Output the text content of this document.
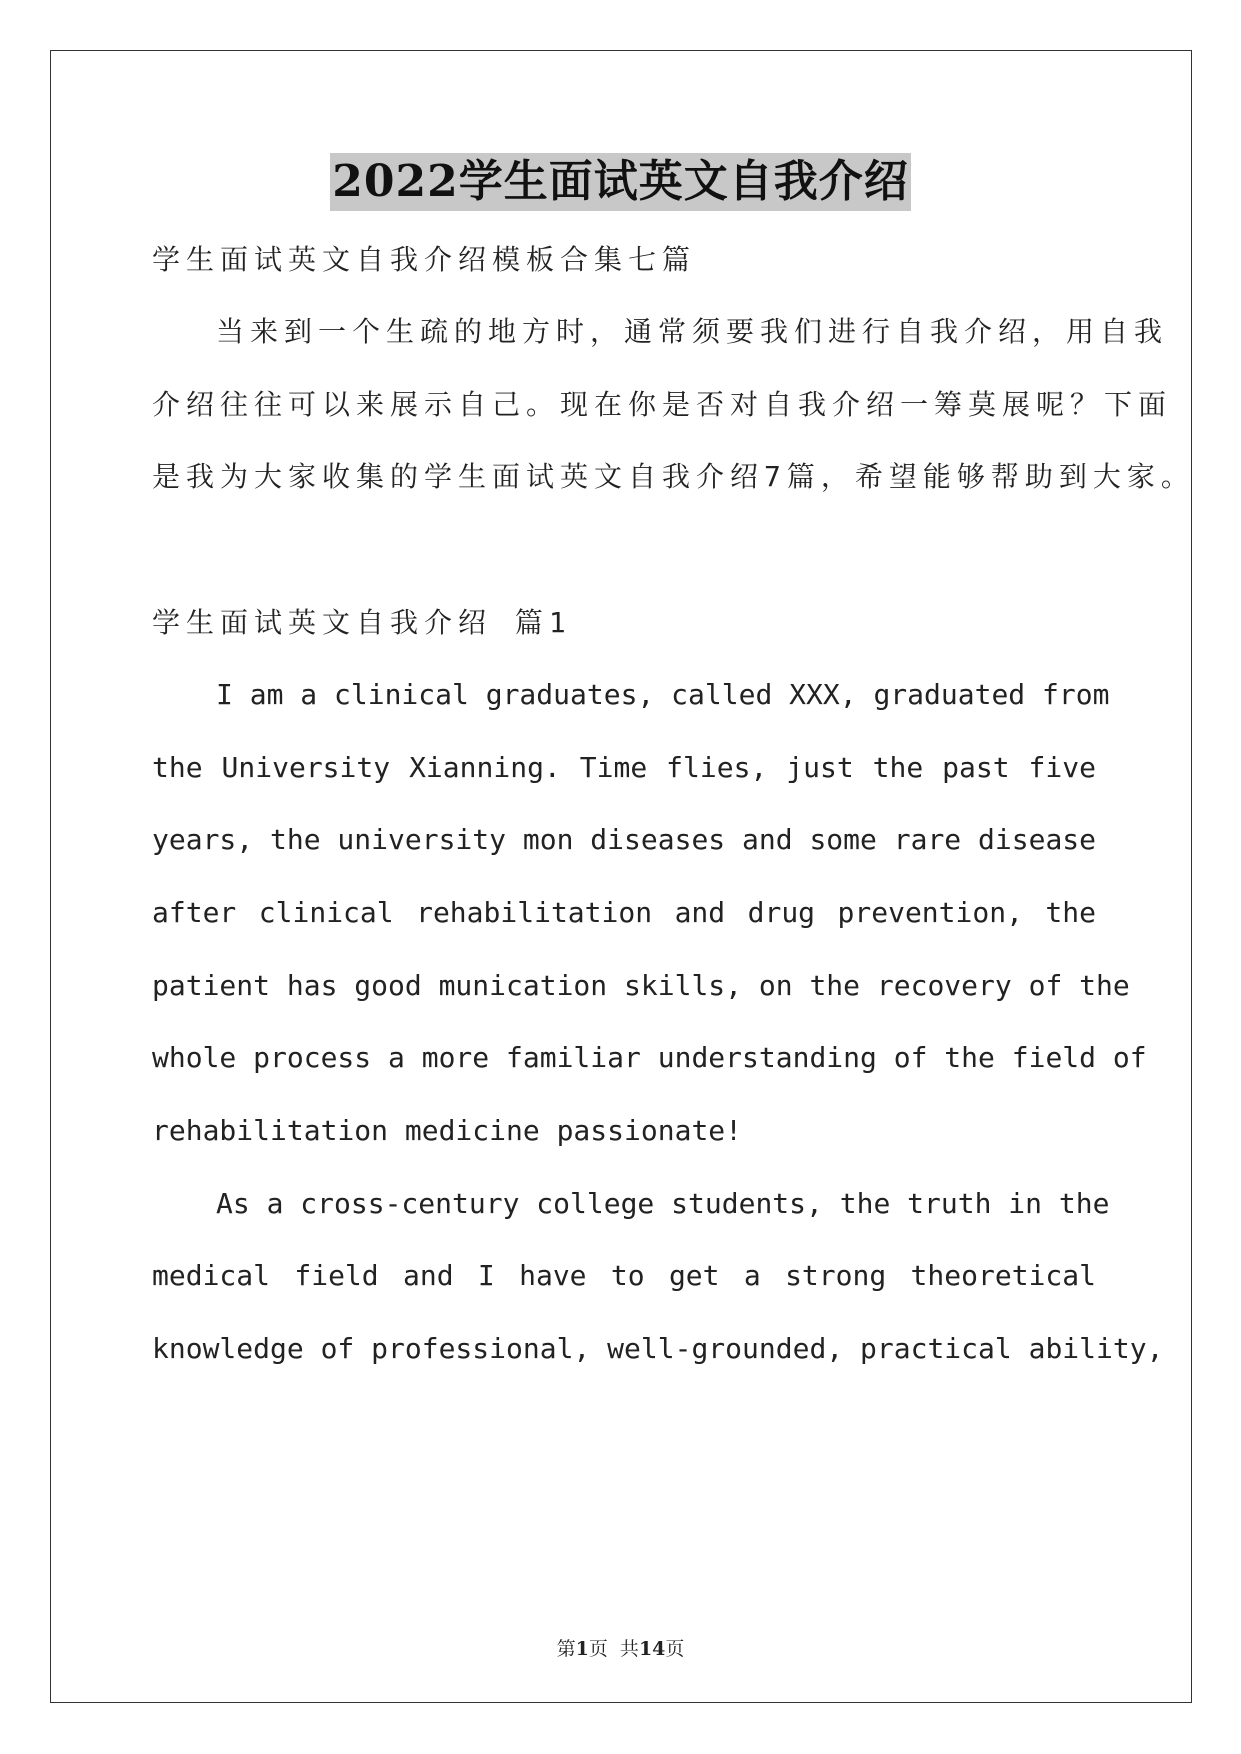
2022学生面试英文自我介绍
学生面试英文自我介绍模板合集七篇
当来到一个生疏的地方时，通常须要我们进行自我介绍，用自我
介绍往往可以来展示自己。现在你是否对自我介绍一筹莫展呢？下面
是我为大家收集的学生面试英文自我介绍7篇，希望能够帮助到大家。
学生面试英文自我介绍 篇1
I am a clinical graduates, called XXX, graduated from
the University Xianning. Time flies, just the past five
years, the university mon diseases and some rare disease
after clinical rehabilitation and drug prevention, the
patient has good munication skills, on the recovery of the
whole process a more familiar understanding of the field of
rehabilitation medicine passionate!
As a cross-century college students, the truth in the
medical field and I have to get a strong theoretical
knowledge of professional, well-grounded, practical ability,
第1页  共14页
